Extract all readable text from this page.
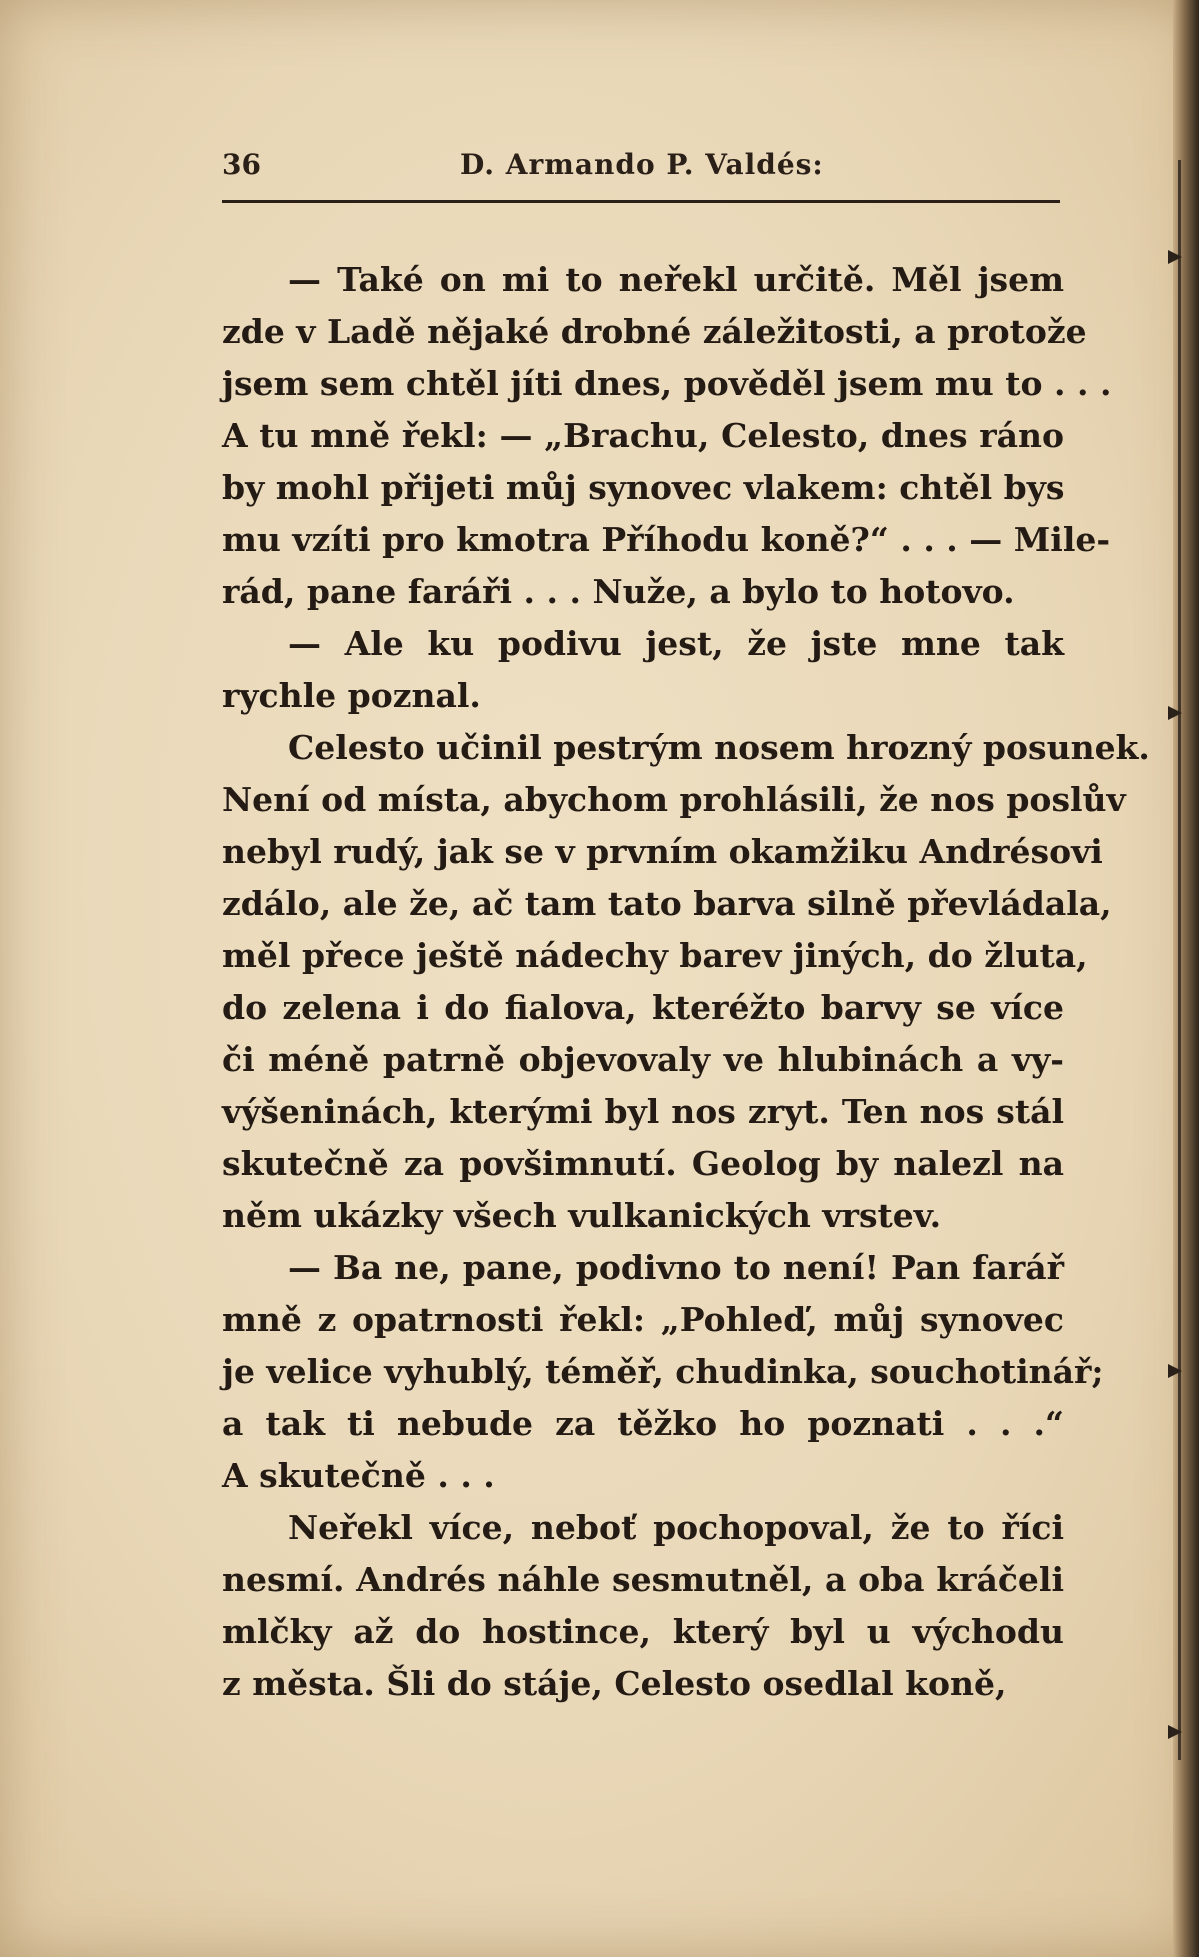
36	D. Armando P. Valdés:
— Také on mi to neřekl určitě. Měl jsem
zde v Ladě nějaké drobné záležitosti, a protože
jsem sem chtěl jíti dnes, pověděl jsem mu to . . .
A tu mně řekl: — „Brachu, Celesto, dnes ráno
by mohl přijeti můj synovec vlakem: chtěl bys
mu vzíti pro kmotra Příhodu koně?“ . . . — Mile-
rád, pane faráři . . . Nuže, a bylo to hotovo.
— Ale ku podivu jest, že jste mne tak
rychle poznal.
Celesto učinil pestrým nosem hrozný posunek.
Není od místa, abychom prohlásili, že nos poslův
nebyl rudý, jak se v prvním okamžiku Andrésovi
zdálo, ale že, ač tam tato barva silně převládala,
měl přece ještě nádechy barev jiných, do žluta,
do zelena i do fialova, kteréžto barvy se více
či méně patrně objevovaly ve hlubinách a vy-
výšeninách, kterými byl nos zryt. Ten nos stál
skutečně za povšimnutí. Geolog by nalezl na
něm ukázky všech vulkanických vrstev.
— Ba ne, pane, podivno to není! Pan farář
mně z opatrnosti řekl: „Pohleď, můj synovec
je velice vyhublý, téměř, chudinka, souchotinář;
a tak ti nebude za těžko ho poznati . . .“
A skutečně . . .
Neřekl více, neboť pochopoval, že to říci
nesmí. Andrés náhle sesmutněl, a oba kráčeli
mlčky až do hostince, který byl u východu
z města. Šli do stáje, Celesto osedlal koně,
